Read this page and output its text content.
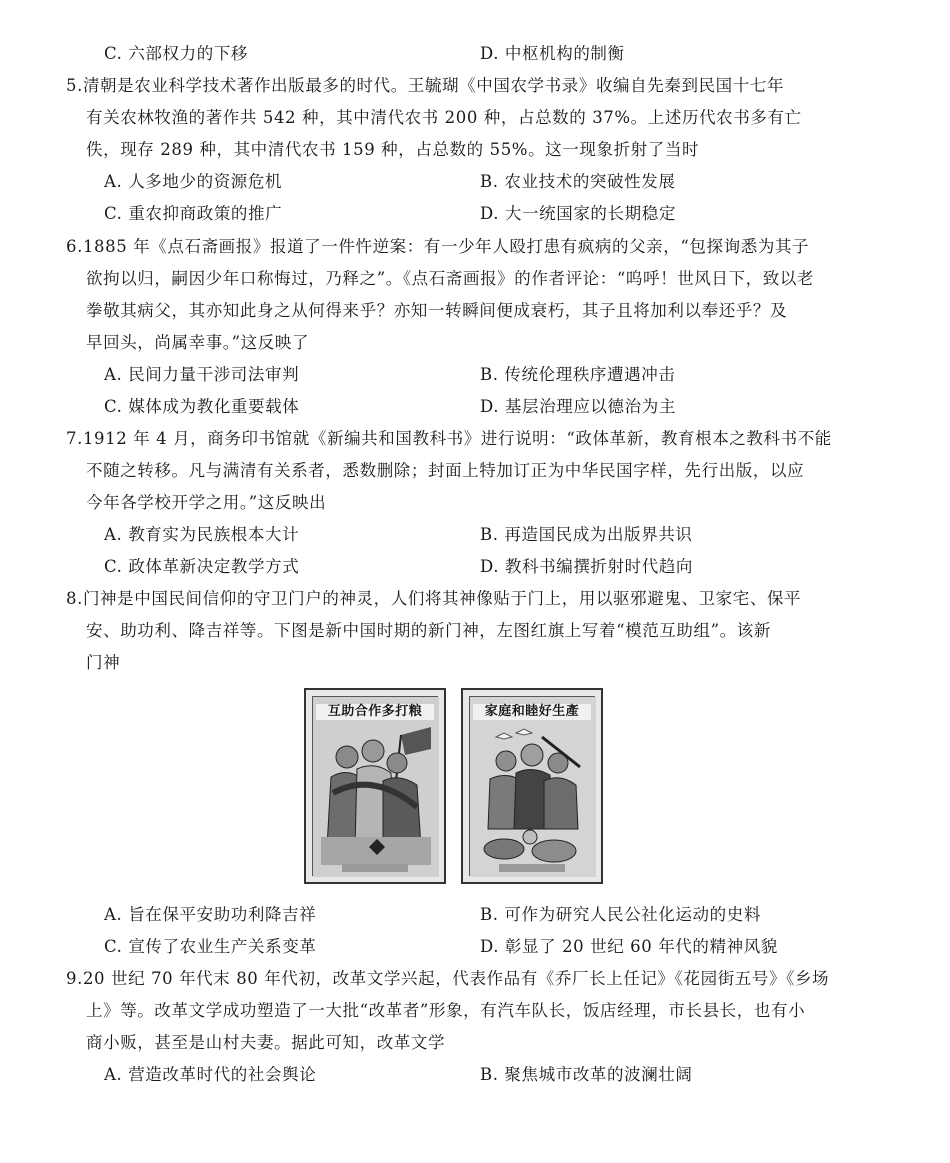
C. 六部权力的下移	D. 中枢机构的制衡
5.清朝是农业科学技术著作出版最多的时代。王毓瑚《中国农学书录》收编自先秦到民国十七年
有关农林牧渔的著作共 542 种，其中清代农书 200 种，占总数的 37%。上述历代农书多有亡
佚，现存 289 种，其中清代农书 159 种，占总数的 55%。这一现象折射了当时
A. 人多地少的资源危机	B. 农业技术的突破性发展
C. 重农抑商政策的推广	D. 大一统国家的长期稳定
6.1885 年《点石斋画报》报道了一件忤逆案：有一少年人殴打患有疯病的父亲，“包探询悉为其子
欲拘以归，嗣因少年口称悔过，乃释之”。《点石斋画报》的作者评论：“呜呼！世风日下，致以老
拳敬其病父，其亦知此身之从何得来乎？亦知一转瞬间便成衰朽，其子且将加利以奉还乎？及
早回头，尚属幸事。”这反映了
A. 民间力量干涉司法审判	B. 传统伦理秩序遭遇冲击
C. 媒体成为教化重要载体	D. 基层治理应以德治为主
7.1912 年 4 月，商务印书馆就《新编共和国教科书》进行说明：“政体革新，教育根本之教科书不能
不随之转移。凡与满清有关系者，悉数删除；封面上特加订正为中华民国字样，先行出版，以应
今年各学校开学之用。”这反映出
A. 教育实为民族根本大计	B. 再造国民成为出版界共识
C. 政体革新决定教学方式	D. 教科书编撰折射时代趋向
8.门神是中国民间信仰的守卫门户的神灵，人们将其神像贴于门上，用以驱邪避鬼、卫家宅、保平
安、助功利、降吉祥等。下图是新中国时期的新门神，左图红旗上写着“模范互助组”。该新
门神
互助合作多打粮	家庭和睦好生產
A. 旨在保平安助功利降吉祥	B. 可作为研究人民公社化运动的史料
C. 宣传了农业生产关系变革	D. 彰显了 20 世纪 60 年代的精神风貌
9.20 世纪 70 年代末 80 年代初，改革文学兴起，代表作品有《乔厂长上任记》《花园街五号》《乡场
上》等。改革文学成功塑造了一大批“改革者”形象，有汽车队长，饭店经理，市长县长，也有小
商小贩，甚至是山村夫妻。据此可知，改革文学
A. 营造改革时代的社会舆论	B. 聚焦城市改革的波澜壮阔
